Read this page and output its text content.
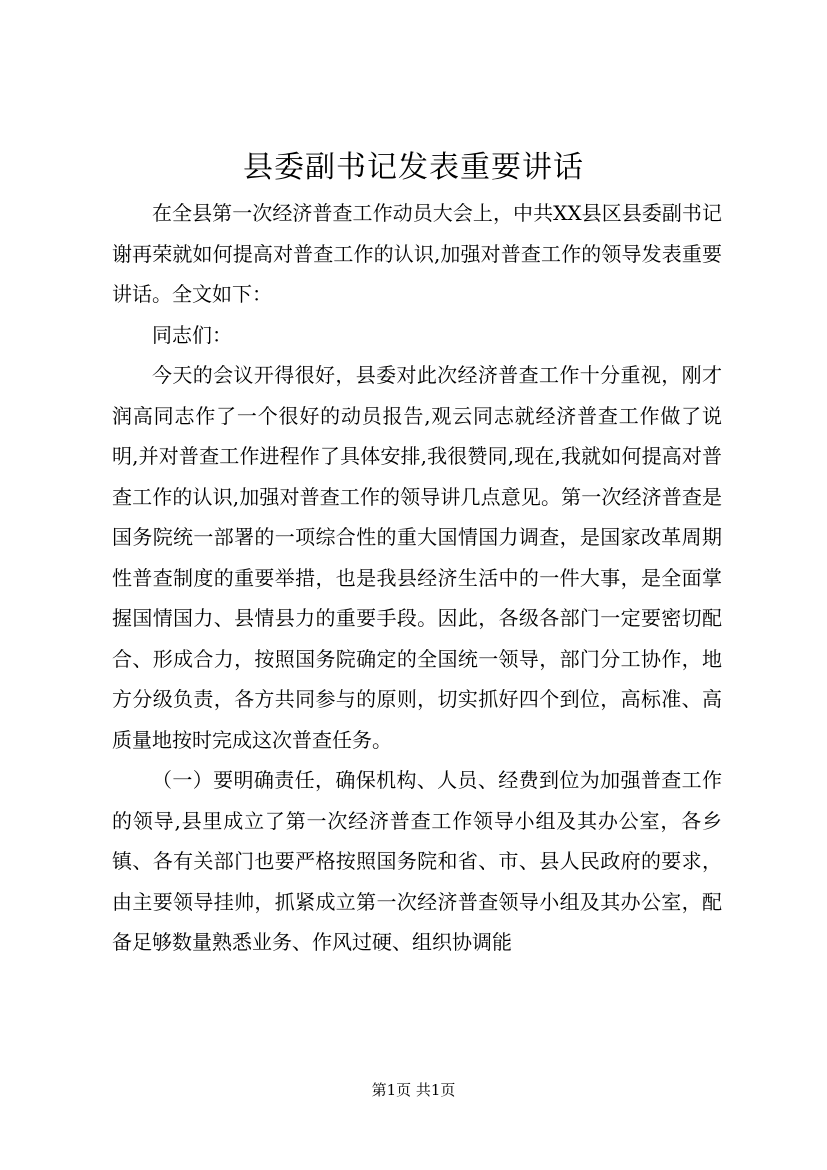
县委副书记发表重要讲话

在全县第一次经济普查工作动员大会上，中共XX县区县委副书记谢再荣就如何提高对普查工作的认识,加强对普查工作的领导发表重要讲话。全文如下：

同志们：

今天的会议开得很好，县委对此次经济普查工作十分重视，刚才润高同志作了一个很好的动员报告,观云同志就经济普查工作做了说明,并对普查工作进程作了具体安排,我很赞同,现在,我就如何提高对普查工作的认识,加强对普查工作的领导讲几点意见。第一次经济普查是国务院统一部署的一项综合性的重大国情国力调查，是国家改革周期性普查制度的重要举措，也是我县经济生活中的一件大事，是全面掌握国情国力、县情县力的重要手段。因此，各级各部门一定要密切配合、形成合力，按照国务院确定的全国统一领导，部门分工协作，地方分级负责，各方共同参与的原则，切实抓好四个到位，高标准、高质量地按时完成这次普查任务。

（一）要明确责任，确保机构、人员、经费到位为加强普查工作的领导,县里成立了第一次经济普查工作领导小组及其办公室，各乡镇、各有关部门也要严格按照国务院和省、市、县人民政府的要求，由主要领导挂帅，抓紧成立第一次经济普查领导小组及其办公室，配备足够数量熟悉业务、作风过硬、组织协调能

第1页 共1页
